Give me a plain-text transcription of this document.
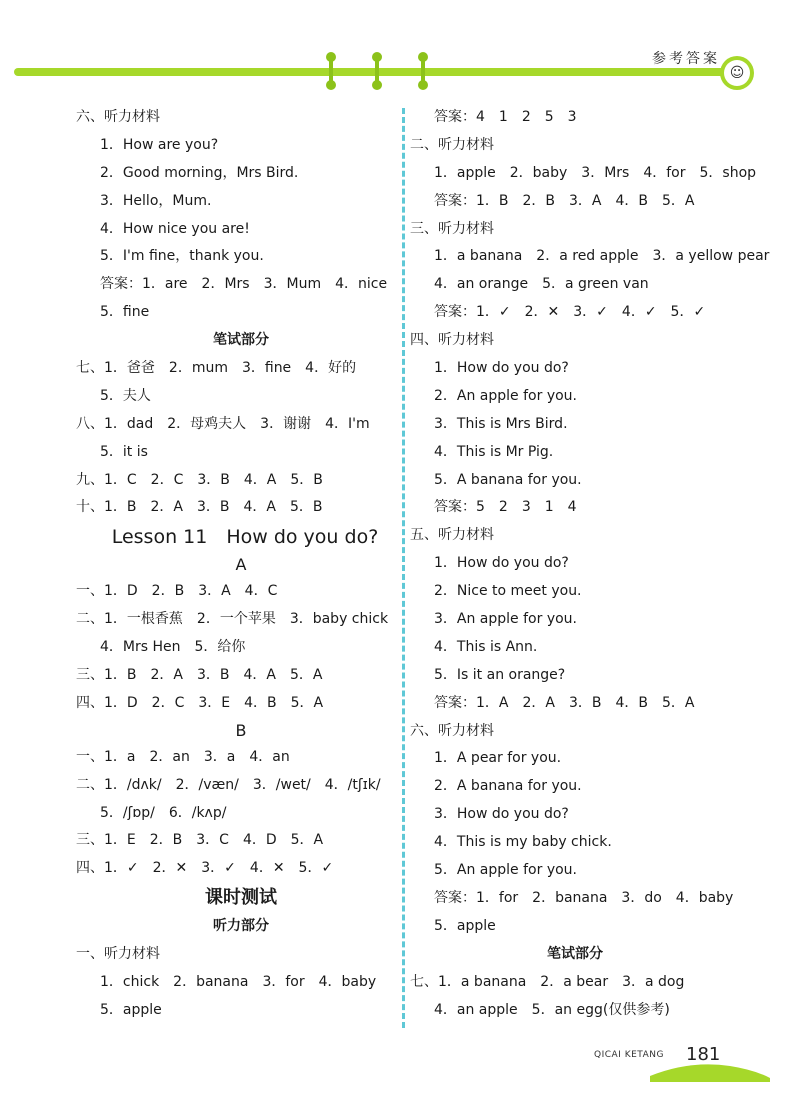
参考答案
☺
六、听力材料
1．How are you?
2．Good morning，Mrs Bird.
3．Hello，Mum.
4．How nice you are!
5．I'm fine，thank you.
答案：1．are　2．Mrs　3．Mum　4．nice
5．fine
笔试部分
七、1．爸爸　2．mum　3．fine　4．好的
5．夫人
八、1．dad　2．母鸡夫人　3．谢谢　4．I'm
5．it is
九、1．C　2．C　3．B　4．A　5．B
十、1．B　2．A　3．B　4．A　5．B
Lesson 11　How do you do?
A
一、1．D　2．B　3．A　4．C
二、1．一根香蕉　2．一个苹果　3．baby chick
4．Mrs Hen　5．给你
三、1．B　2．A　3．B　4．A　5．A
四、1．D　2．C　3．E　4．B　5．A
B
一、1．a　2．an　3．a　4．an
二、1．/dʌk/　2．/væn/　3．/wet/　4．/tʃɪk/
5．/ʃɒp/　6．/kʌp/
三、1．E　2．B　3．C　4．D　5．A
四、1．✓　2．✕　3．✓　4．✕　5．✓
课时测试
听力部分
一、听力材料
1．chick　2．banana　3．for　4．baby
5．apple
答案：4　1　2　5　3
二、听力材料
1．apple　2．baby　3．Mrs　4．for　5．shop
答案：1．B　2．B　3．A　4．B　5．A
三、听力材料
1．a banana　2．a red apple　3．a yellow pear
4．an orange　5．a green van
答案：1．✓　2．✕　3．✓　4．✓　5．✓
四、听力材料
1．How do you do?
2．An apple for you.
3．This is Mrs Bird.
4．This is Mr Pig.
5．A banana for you.
答案：5　2　3　1　4
五、听力材料
1．How do you do?
2．Nice to meet you.
3．An apple for you.
4．This is Ann.
5．Is it an orange?
答案：1．A　2．A　3．B　4．B　5．A
六、听力材料
1．A pear for you.
2．A banana for you.
3．How do you do?
4．This is my baby chick.
5．An apple for you.
答案：1．for　2．banana　3．do　4．baby
5．apple
笔试部分
七、1．a banana　2．a bear　3．a dog
4．an apple　5．an egg(仅供参考)
QICAI KETANG 181
